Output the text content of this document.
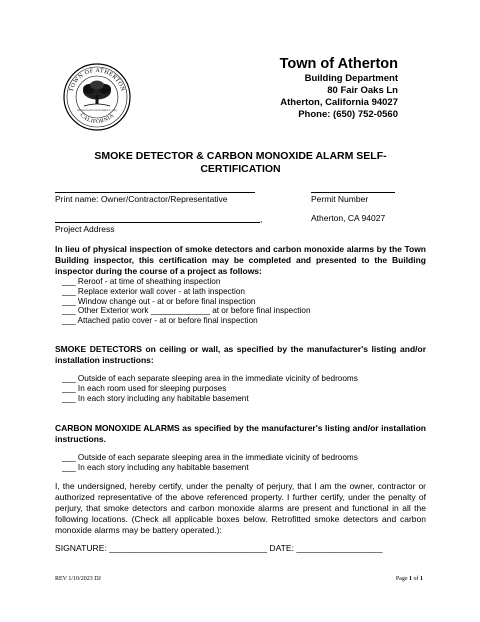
TOWN OF ATHERTON
CALIFORNIA
INCORPORATED SEPTEMBER 12, 1923
Town of Atherton
Building Department
80 Fair Oaks Ln
Atherton, California 94027
Phone: (650) 752-0560
SMOKE DETECTOR & CARBON MONOXIDE ALARM SELF-
CERTIFICATION
Print name: Owner/Contractor/Representative	Permit Number
,	Atherton, CA 94027
Project Address
In lieu of physical inspection of smoke detectors and carbon monoxide alarms by the Town Building inspector, this certification may be completed and presented to the Building inspector during the course of a project as follows:
___ Reroof - at time of sheathing inspection
___ Replace exterior wall cover - at lath inspection
___ Window change out - at or before final inspection
___ Other Exterior work _____________ at or before final inspection
___ Attached patio cover - at or before final inspection
SMOKE DETECTORS on ceiling or wall, as specified by the manufacturer's listing and/or installation instructions:
___ Outside of each separate sleeping area in the immediate vicinity of bedrooms
___ In each room used for sleeping purposes
___ In each story including any habitable basement
CARBON MONOXIDE ALARMS as specified by the manufacturer's listing and/or installation instructions.
___ Outside of each separate sleeping area in the immediate vicinity of bedrooms
___ In each story including any habitable basement
I, the undersigned, hereby certify, under the penalty of perjury, that I am the owner, contractor or authorized representative of the above referenced property. I further certify, under the penalty of perjury, that smoke detectors and carbon monoxide alarms are present and functional in all the following locations. (Check all applicable boxes below. Retrofitted smoke detectors and carbon monoxide alarms may be battery operated.):
SIGNATURE: _________________________________ DATE: __________________
REV 1/10/2023 DJ	Page 1 of 1
